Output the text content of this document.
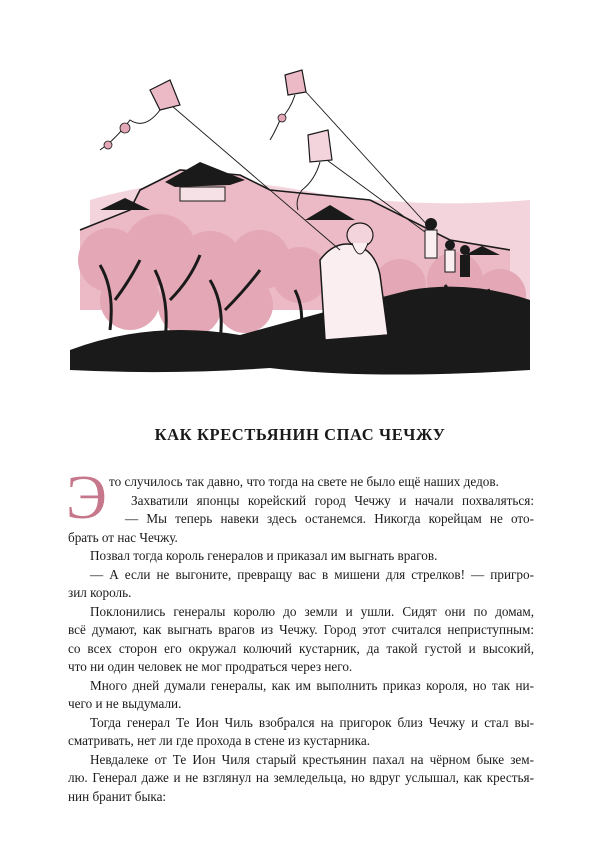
КАК КРЕСТЬЯНИН СПАС ЧЕЧЖУ
Э то случилось так давно, что тогда на свете не было ещё наших дедов.
Захватили японцы корейский город Чечжу и начали похваляться:
— Мы теперь навеки здесь останемся. Никогда корейцам не ото-
брать от нас Чечжу.
Позвал тогда король генералов и приказал им выгнать врагов.
— А если не выгоните, превращу вас в мишени для стрелков! — пригро-
зил король.
Поклонились генералы королю до земли и ушли. Сидят они по домам,
всё думают, как выгнать врагов из Чечжу. Город этот считался неприступным:
со всех сторон его окружал колючий кустарник, да такой густой и высокий,
что ни один человек не мог продраться через него.
Много дней думали генералы, как им выполнить приказ короля, но так ни-
чего и не выдумали.
Тогда генерал Те Ион Чиль взобрался на пригорок близ Чечжу и стал вы-
сматривать, нет ли где прохода в стене из кустарника.
Невдалеке от Те Ион Чиля старый крестьянин пахал на чёрном быке зем-
лю. Генерал даже и не взглянул на земледельца, но вдруг услышал, как крестья-
нин бранит быка:
